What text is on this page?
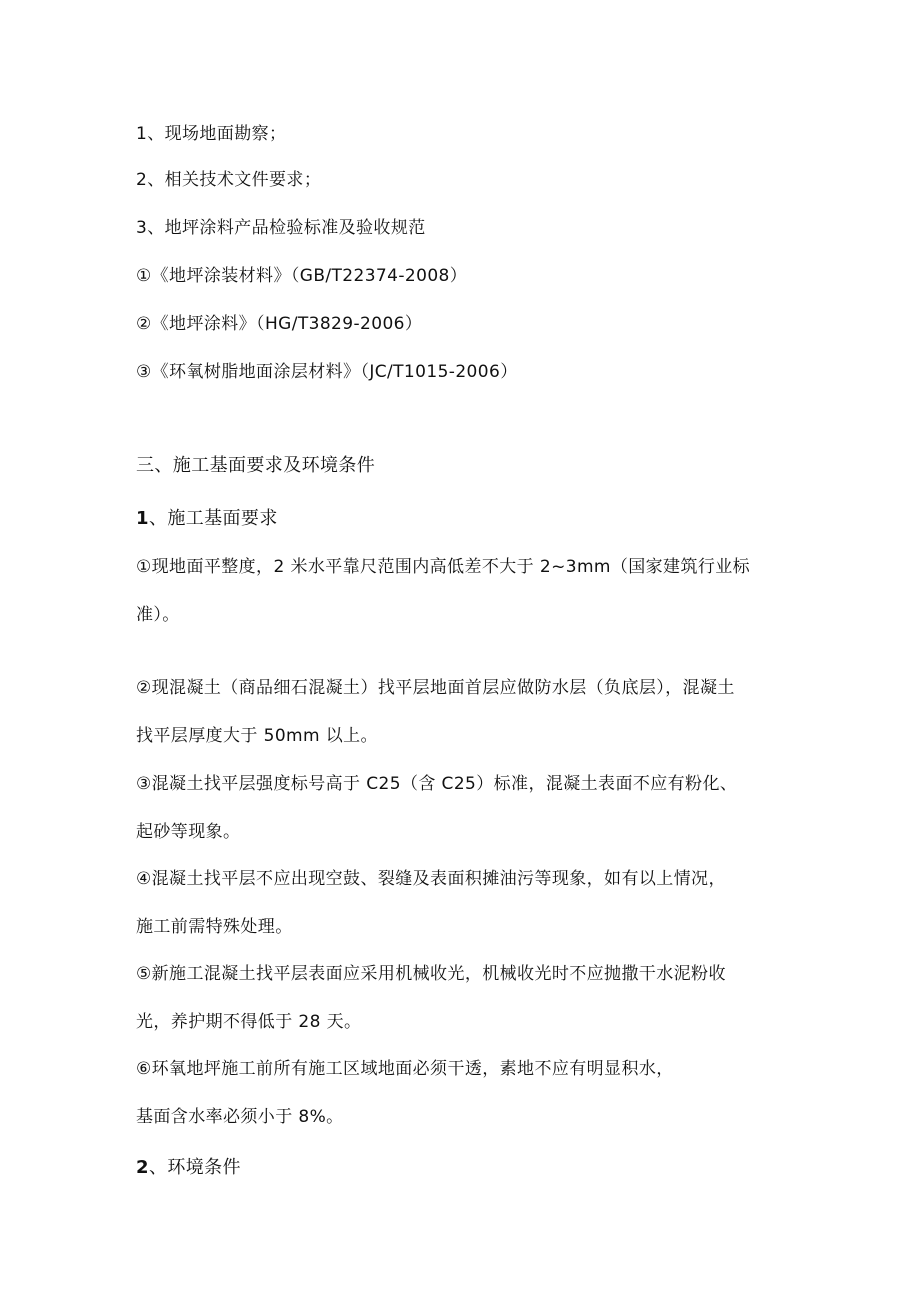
1、现场地面勘察；
2、相关技术文件要求；
3、地坪涂料产品检验标准及验收规范
①《地坪涂装材料》（GB/T22374-2008）
②《地坪涂料》（HG/T3829-2006）
③《环氧树脂地面涂层材料》（JC/T1015-2006）
三、施工基面要求及环境条件
1、施工基面要求
①现地面平整度，2 米水平靠尺范围内高低差不大于 2~3mm（国家建筑行业标
准）。
②现混凝土（商品细石混凝土）找平层地面首层应做防水层（负底层），混凝土
找平层厚度大于 50mm 以上。
③混凝土找平层强度标号高于 C25（含 C25）标准，混凝土表面不应有粉化、
起砂等现象。
④混凝土找平层不应出现空鼓、裂缝及表面积摊油污等现象，如有以上情况，
施工前需特殊处理。
⑤新施工混凝土找平层表面应采用机械收光，机械收光时不应抛撒干水泥粉收
光，养护期不得低于 28 天。
⑥环氧地坪施工前所有施工区域地面必须干透，素地不应有明显积水，
基面含水率必须小于 8%。
2、环境条件
